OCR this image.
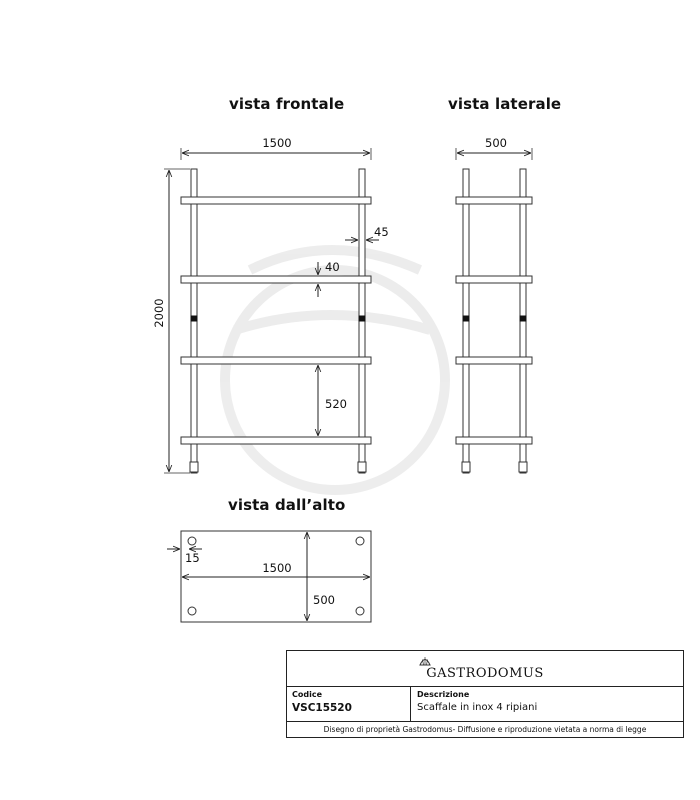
vista frontale	vista laterale
vista dall’alto
1500
2000
45
40
520
500
15
1500
500
GASTRODOMUS
Codice
VSC15520
Descrizione
Scaffale in inox 4 ripiani
Disegno di proprietà Gastrodomus- Diffusione e riproduzione vietata a norma di legge
